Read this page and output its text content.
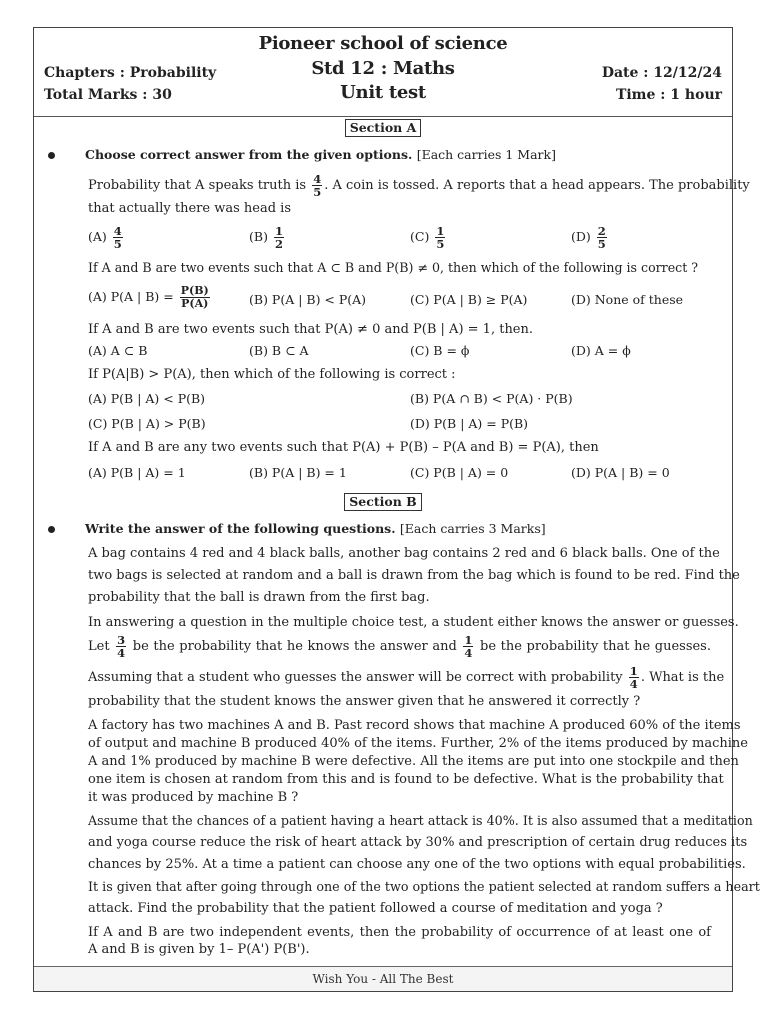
Pioneer school of science
Std 12 : Maths
Unit test
Chapters : Probability
Total Marks : 30
Date : 12/12/24
Time : 1 hour
Section A
Choose correct answer from the given options. [Each carries 1 Mark]
Probability that A speaks truth is $\frac{4}{5}$ . A coin is tossed. A reports that a head appears. The probability
that actually there was head is
$(A) \frac{4}{5}$	$(B) \frac{1}{2}$	$(C) \frac{1}{5}$	$(D) \frac{2}{5}$
If A and B are two events such that A ⊂ B and P(B) ≠ 0, then which of the following is correct ?
(A) P(A | $B) = \frac{P(B)}{P(A)}$	(B) P(A | B) < P(A)	(C) P(A | B) ≥ P(A)	(D) None of these
If A and B are two events such that P(A) ≠ 0 and P(B | A) = 1, then.
(A) A ⊂ B	(B) B ⊂ A	(C) B = ϕ	(D) A = ϕ
If P(A|B) > P(A), then which of the following is correct :
(A) P(B | A) < P(B)	(B) P(A ∩ B) < P(A) · P(B)
(C) P(B | A) > P(B)	(D) P(B | A) = P(B)
If A and B are any two events such that P(A) + P(B) – P(A and B) = P(A), then
(A) P(B | A) = 1	(B) P(A | B) = 1	(C) P(B | A) = 0	(D) P(A | B) = 0
Section B
Write the answer of the following questions. [Each carries 3 Marks]
A bag contains 4 red and 4 black balls, another bag contains 2 red and 6 black balls. One of the
two bags is selected at random and a ball is drawn from the bag which is found to be red. Find the
probability that the ball is drawn from the first bag.
In answering a question in the multiple choice test, a student either knows the answer or guesses.
Let $\frac{3}{4}$ be the probability that he knows the answer and $\frac{1}{4}$ be the probability that he guesses.
Assuming that a student who guesses the answer will be correct with probability $\frac{1}{4}$ . What is the
probability that the student knows the answer given that he answered it correctly ?
A factory has two machines A and B. Past record shows that machine A produced 60% of the items
of output and machine B produced 40% of the items. Further, 2% of the items produced by machine
A and 1% produced by machine B were defective. All the items are put into one stockpile and then
one item is chosen at random from this and is found to be defective. What is the probability that
it was produced by machine B ?
Assume that the chances of a patient having a heart attack is 40%. It is also assumed that a meditation
and yoga course reduce the risk of heart attack by 30% and prescription of certain drug reduces its
chances by 25%. At a time a patient can choose any one of the two options with equal probabilities.
It is given that after going through one of the two options the patient selected at random suffers a heart
attack. Find the probability that the patient followed a course of meditation and yoga ?
If A and B are two independent events, then the probability of occurrence of at least one of
A and B is given by 1– P(A') P(B').
Wish You - All The Best
